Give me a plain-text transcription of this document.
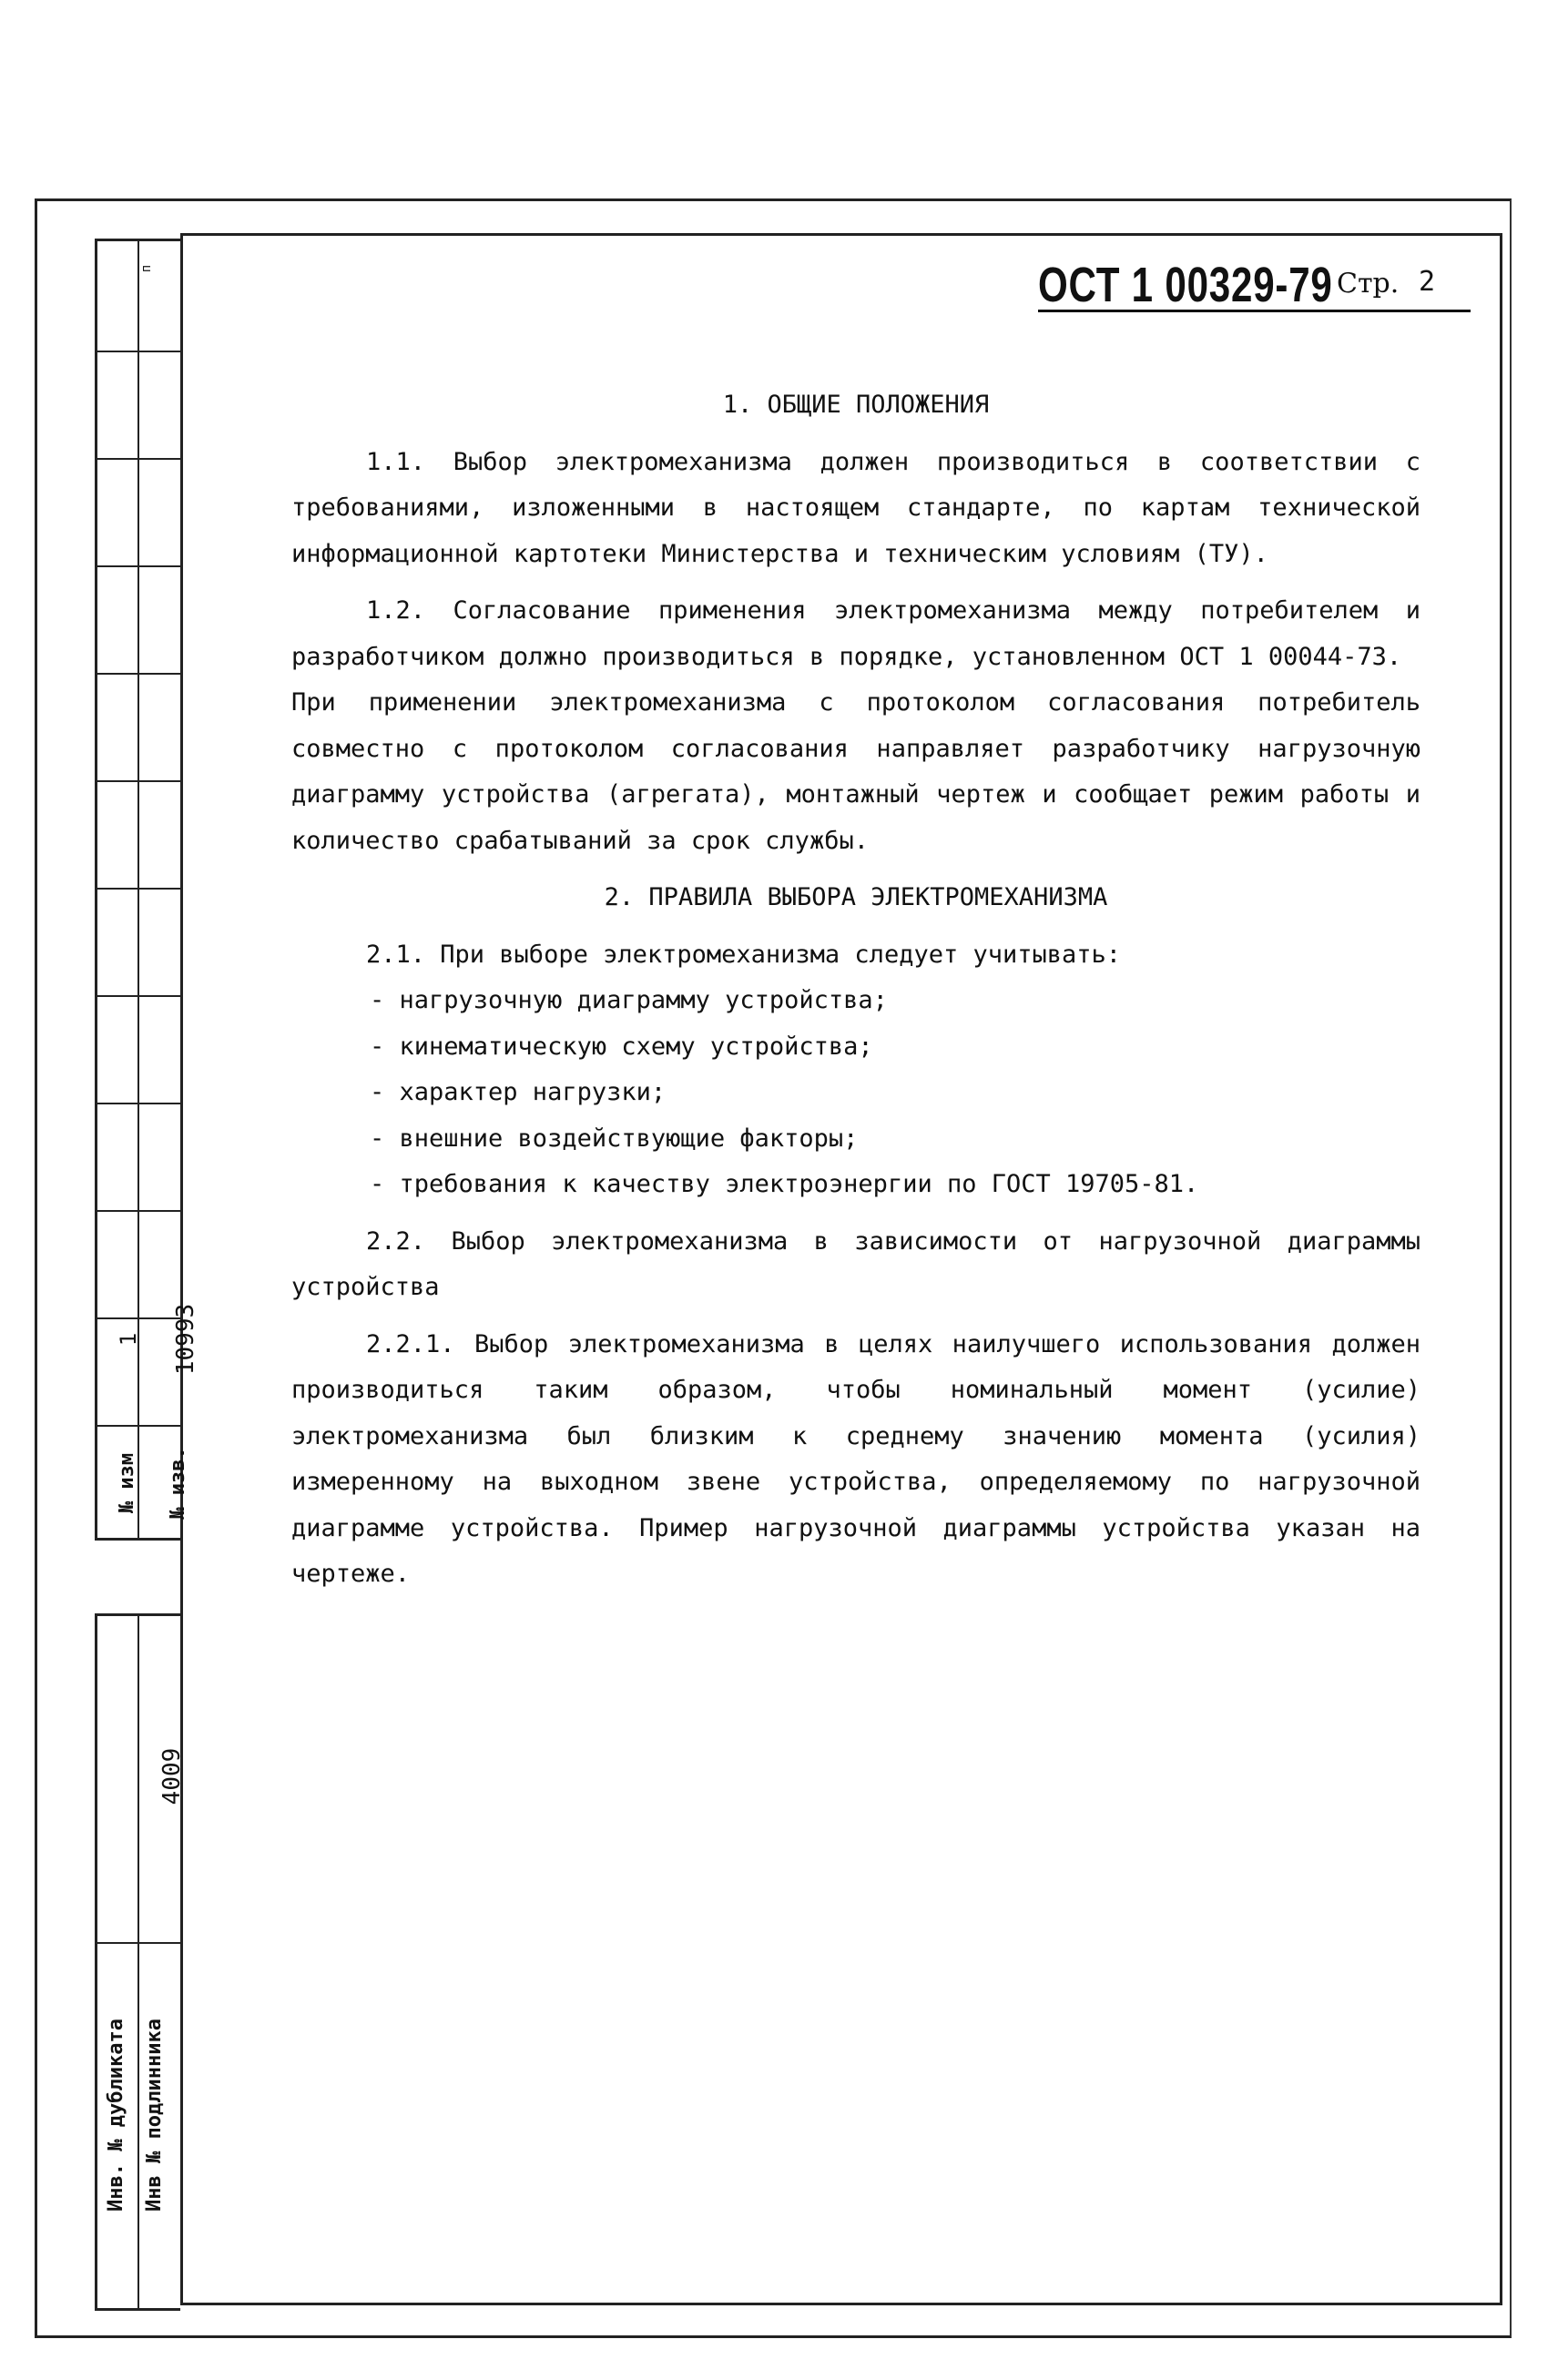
п
1
№ изм
10993
№ изв.
4009
Инв. № дубликата Инв № подлинника
ОСТ 1 00329-79 Стр. 2

1. ОБЩИЕ ПОЛОЖЕНИЯ

1.1. Выбор электромеханизма должен производиться в соответствии с требованиями, изложенными в настоящем стандарте, по картам технической информационной картотеки Министерства и техническим условиям (ТУ).

1.2. Согласование применения электромеханизма между потребителем и разработчиком должно производиться в порядке, установленном ОСТ 1 00044-73.

При применении электромеханизма с протоколом согласования потребитель совместно с протоколом согласования направляет разработчику нагрузочную диаграмму устройства (агрегата), монтажный чертеж и сообщает режим работы и количество срабатываний за срок службы.

2. ПРАВИЛА ВЫБОРА ЭЛЕКТРОМЕХАНИЗМА

2.1. При выборе электромеханизма следует учитывать:

- нагрузочную диаграмму устройства;

- кинематическую схему устройства;

- характер нагрузки;

- внешние воздействующие факторы;

- требования к качеству электроэнергии по ГОСТ 19705-81.

2.2. Выбор электромеханизма в зависимости от нагрузочной диаграммы устройства

2.2.1. Выбор электромеханизма в целях наилучшего использования должен производиться таким образом, чтобы номинальный момент (усилие) электромеханизма был близким к среднему значению момента (усилия) измеренному на выходном звене устройства, определяемому по нагрузочной диаграмме устройства. Пример нагрузочной диаграммы устройства указан на чертеже.
